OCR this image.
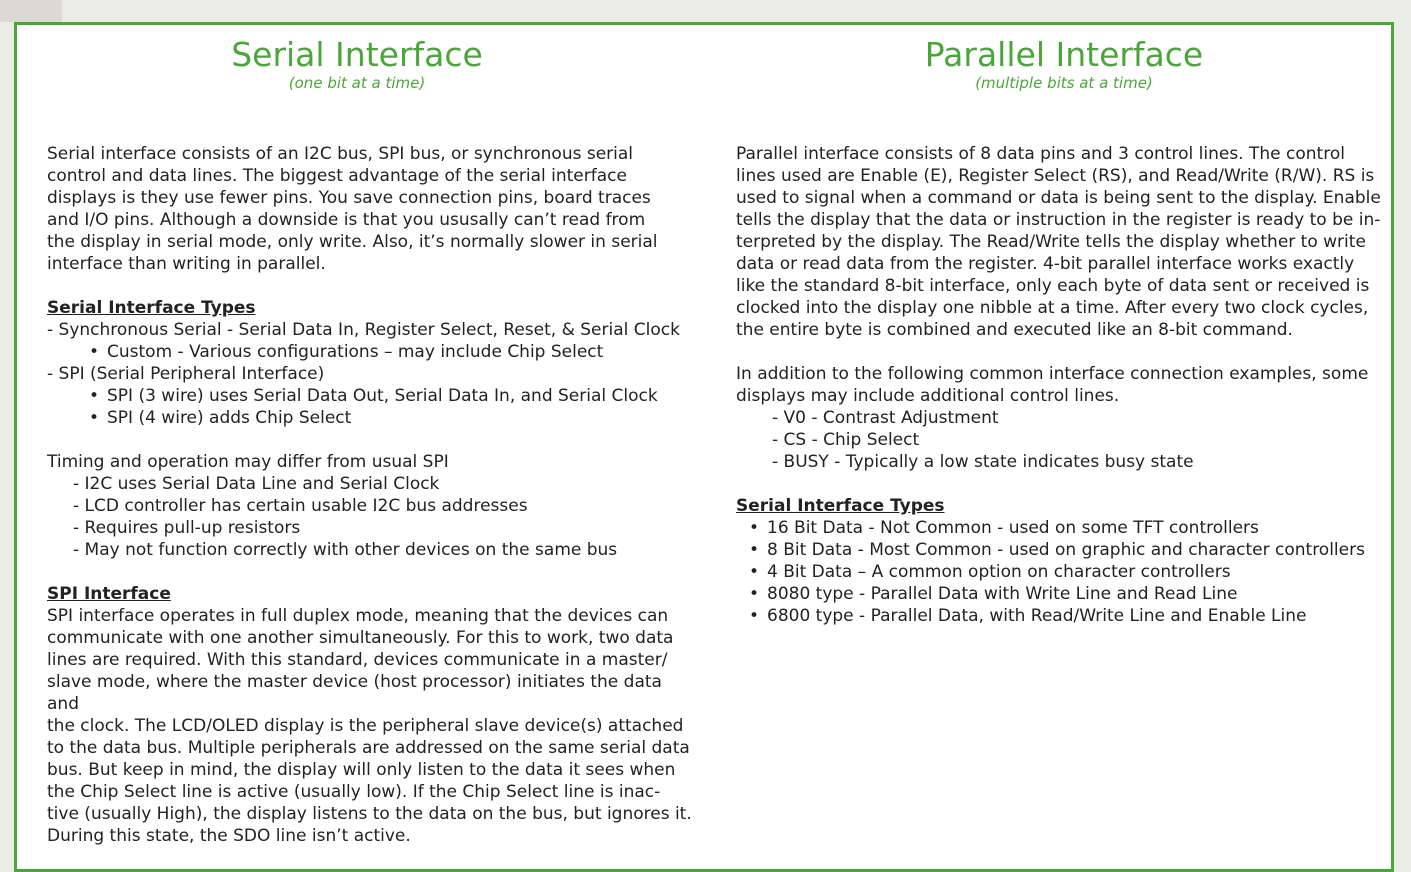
Serial Interface
(one bit at a time)
Serial interface consists of an I2C bus, SPI bus, or synchronous serial
control and data lines. The biggest advantage of the serial interface
displays is they use fewer pins. You save connection pins, board traces
and I/O pins. Although a downside is that you ususally can’t read from
the display in serial mode, only write. Also, it’s normally slower in serial
interface than writing in parallel.
Serial Interface Types
- Synchronous Serial - Serial Data In, Register Select, Reset, & Serial Clock
• Custom - Various configurations – may include Chip Select
- SPI (Serial Peripheral Interface)
• SPI (3 wire) uses Serial Data Out, Serial Data In, and Serial Clock
• SPI (4 wire) adds Chip Select
Timing and operation may differ from usual SPI
- I2C uses Serial Data Line and Serial Clock
- LCD controller has certain usable I2C bus addresses
- Requires pull-up resistors
- May not function correctly with other devices on the same bus
SPI Interface
SPI interface operates in full duplex mode, meaning that the devices can
communicate with one another simultaneously. For this to work, two data
lines are required. With this standard, devices communicate in a master/
slave mode, where the master device (host processor) initiates the data and
the clock. The LCD/OLED display is the peripheral slave device(s) attached
to the data bus. Multiple peripherals are addressed on the same serial data
bus. But keep in mind, the display will only listen to the data it sees when
the Chip Select line is active (usually low). If the Chip Select line is inac-
tive (usually High), the display listens to the data on the bus, but ignores it.
During this state, the SDO line isn’t active.
Parallel Interface
(multiple bits at a time)
Parallel interface consists of 8 data pins and 3 control lines. The control
lines used are Enable (E), Register Select (RS), and Read/Write (R/W). RS is
used to signal when a command or data is being sent to the display. Enable
tells the display that the data or instruction in the register is ready to be in-
terpreted by the display. The Read/Write tells the display whether to write
data or read data from the register. 4-bit parallel interface works exactly
like the standard 8-bit interface, only each byte of data sent or received is
clocked into the display one nibble at a time. After every two clock cycles,
the entire byte is combined and executed like an 8-bit command.
In addition to the following common interface connection examples, some
displays may include additional control lines.
- V0 - Contrast Adjustment
- CS - Chip Select
- BUSY - Typically a low state indicates busy state
Serial Interface Types
• 16 Bit Data - Not Common - used on some TFT controllers
• 8 Bit Data - Most Common - used on graphic and character controllers
• 4 Bit Data – A common option on character controllers
• 8080 type - Parallel Data with Write Line and Read Line
• 6800 type - Parallel Data, with Read/Write Line and Enable Line
